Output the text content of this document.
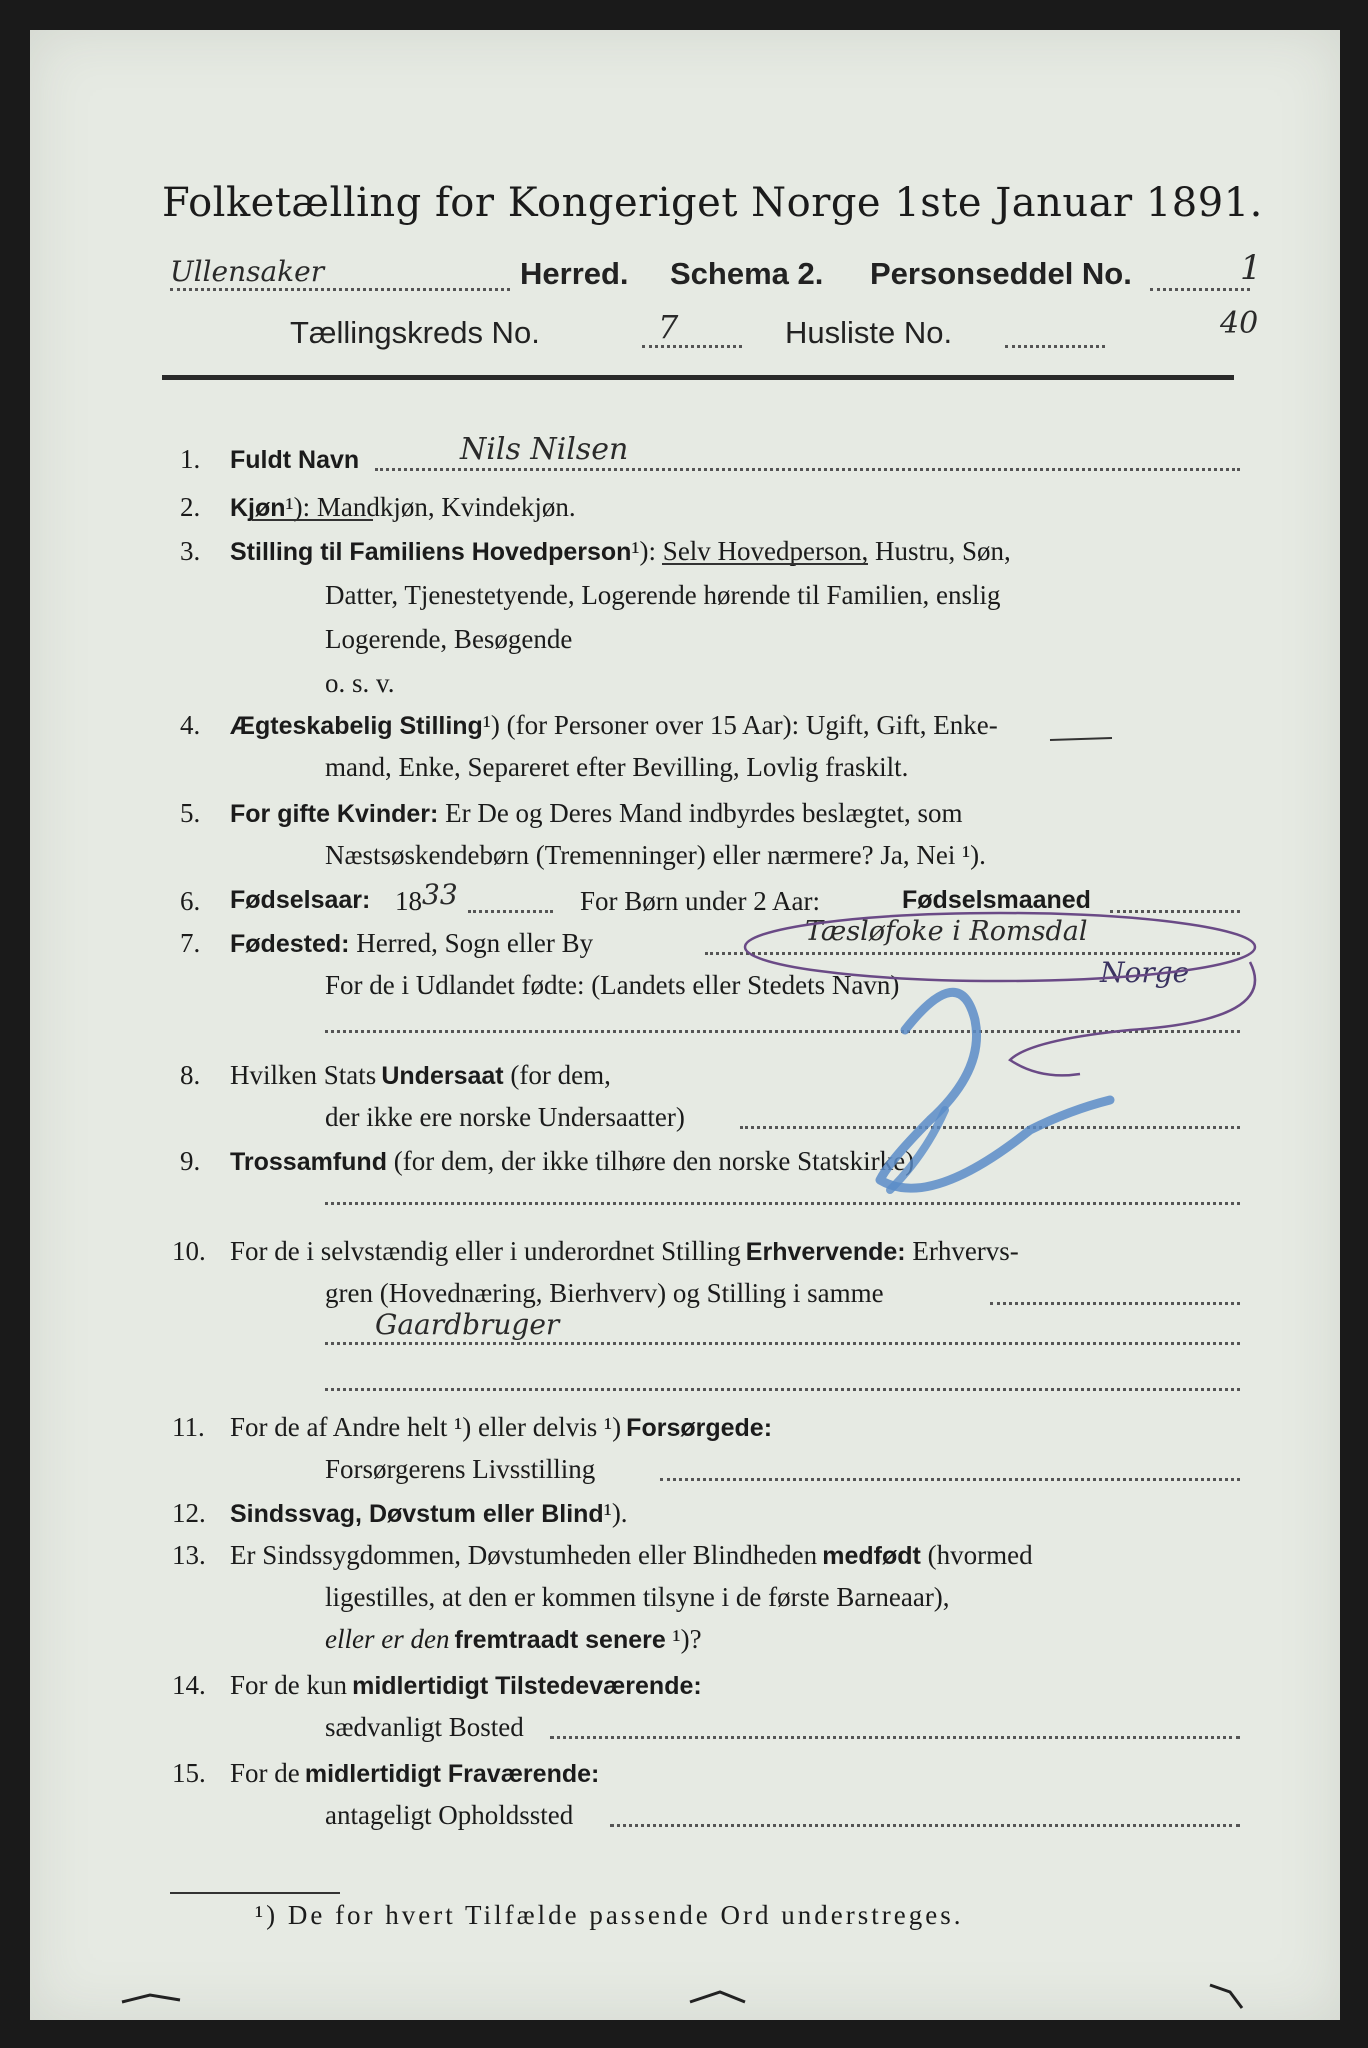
Folketælling for Kongeriget Norge 1ste Januar 1891.
Ullensaker	Herred. Schema 2. Personseddel No.	1
Tællingskreds No.	7	Husliste No.	40
1. Fuldt Navn	Nils Nilsen
2. Kjøn¹): Mandkjøn, Kvindekjøn.
3. Stilling til Familiens Hovedperson¹): Selv Hovedperson, Hustru, Søn,
Datter, Tjenestetyende, Logerende hørende til Familien, enslig
Logerende, Besøgende
o. s. v.
4. Ægteskabelig Stilling¹) (for Personer over 15 Aar): Ugift, Gift, Enke-
mand, Enke, Separeret efter Bevilling, Lovlig fraskilt.
5. For gifte Kvinder: Er De og Deres Mand indbyrdes beslægtet, som
Næstsøskendebørn (Tremenninger) eller nærmere? Ja, Nei ¹).
6. Fødselsaar: 18 33	For Børn under 2 Aar:	Fødselsmaaned
7. Fødested: Herred, Sogn eller By	Tæsløfoke i Romsdal
For de i Udlandet fødte: (Landets eller Stedets Navn)	Norge
8. Hvilken Stats Undersaat (for dem,
der ikke ere norske Undersaatter)
9. Trossamfund (for dem, der ikke tilhøre den norske Statskirke)
10. For de i selvstændig eller i underordnet Stilling Erhvervende: Erhvervs-
gren (Hovednæring, Bierhverv) og Stilling i samme
Gaardbruger
11. For de af Andre helt ¹) eller delvis ¹) Forsørgede:
Forsørgerens Livsstilling
12. Sindssvag, Døvstum eller Blind¹).
13. Er Sindssygdommen, Døvstumheden eller Blindheden medfødt (hvormed
ligestilles, at den er kommen tilsyne i de første Barneaar),
eller er den fremtraadt senere ¹)?
14. For de kun midlertidigt Tilstedeværende:
sædvanligt Bosted
15. For de midlertidigt Fraværende:
antageligt Opholdssted
¹) De for hvert Tilfælde passende Ord understreges.
